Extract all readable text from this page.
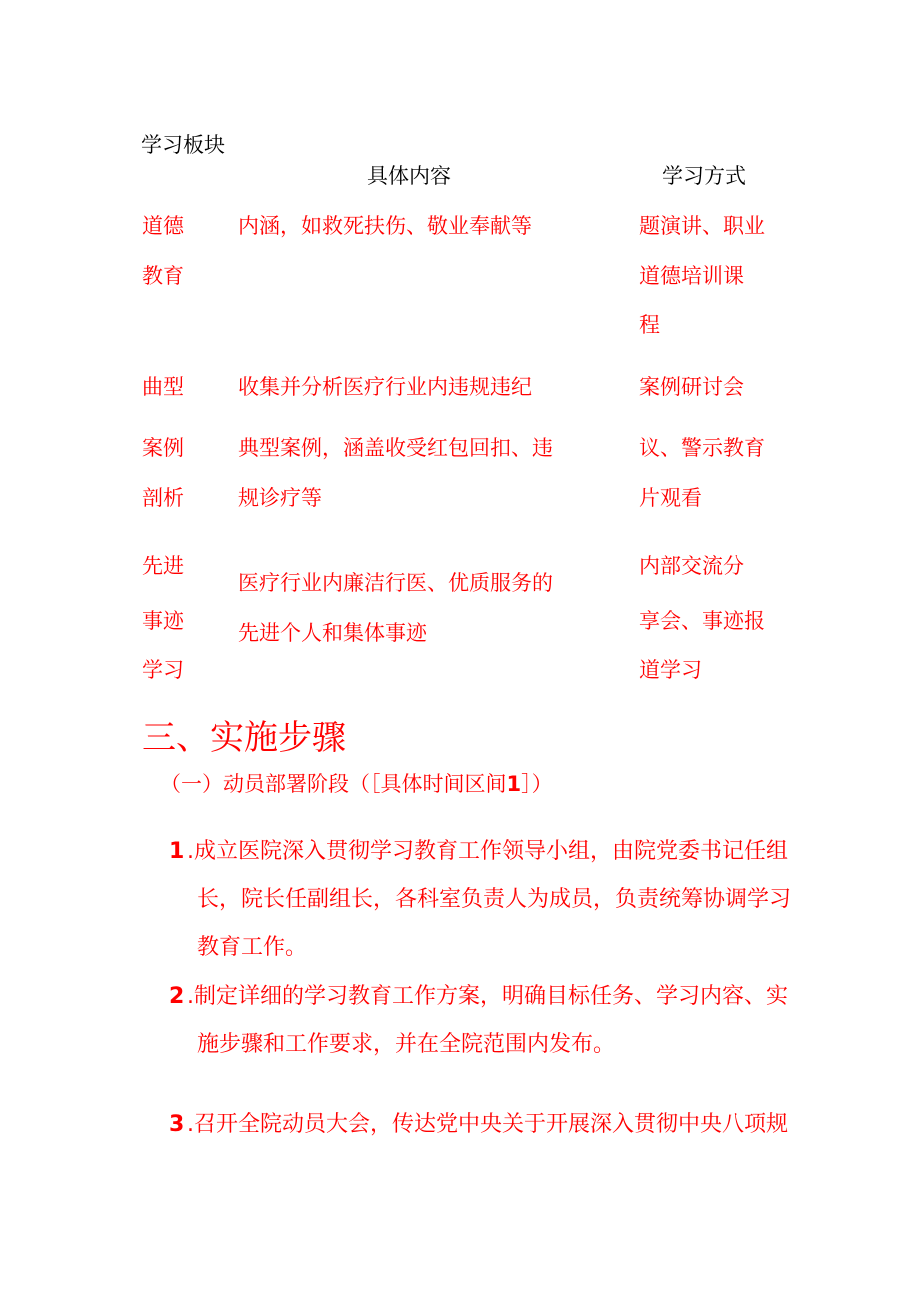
学习板块
具体内容	学习方式
道德
教育
内涵，如救死扶伤、敬业奉献等	题演讲、职业
道德培训课
程
曲型
案例
剖析
收集并分析医疗行业内违规违纪
典型案例，涵盖收受红包回扣、违
规诊疗等
案例研讨会
议、警示教育
片观看
先进
事迹
学习
医疗行业内廉洁行医、优质服务的
先进个人和集体事迹
内部交流分
享会、事迹报
道学习
三、实施步骤
（一）动员部署阶段（［具体时间区间1］）
1 .成立医院深入贯彻学习教育工作领导小组，由院党委书记任组
长，院长任副组长，各科室负责人为成员，负责统筹协调学习
教育工作。
2 .制定详细的学习教育工作方案，明确目标任务、学习内容、实
施步骤和工作要求，并在全院范围内发布。
3 .召开全院动员大会，传达党中央关于开展深入贯彻中央八项规
